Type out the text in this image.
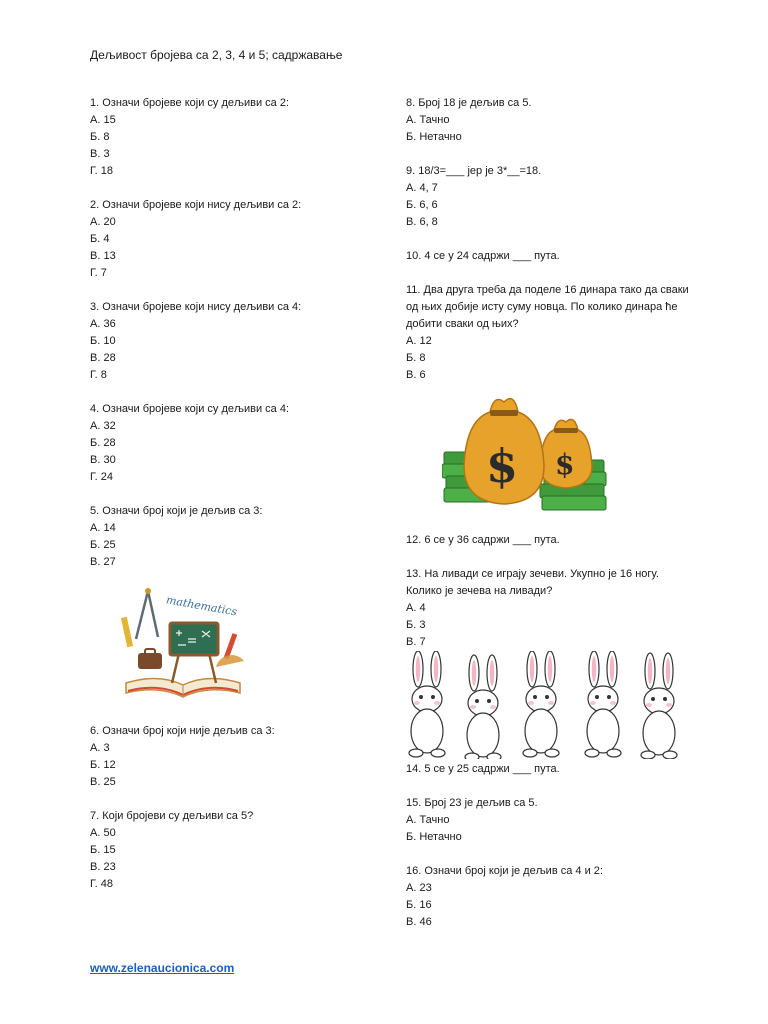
Дељивост бројева са 2, 3, 4 и 5; садржавање
1. Означи бројеве који су дељиви са 2:
А. 15
Б. 8
В. 3
Г. 18
2. Означи бројеве који нису дељиви са 2:
А. 20
Б. 4
В. 13
Г. 7
3. Означи бројеве који нису дељиви са 4:
А. 36
Б. 10
В. 28
Г. 8
4. Означи бројеве који су дељиви са 4:
А. 32
Б. 28
В. 30
Г. 24
5. Означи број који је дељив са 3:
А. 14
Б. 25
В. 27
mathematics
6. Означи број који није дељив са 3:
А. 3
Б. 12
В. 25
7. Који бројеви су дељиви са 5?
А. 50
Б. 15
В. 23
Г. 48
8. Број 18 је дељив са 5.
А. Тачно
Б. Нетачно
9. 18/3=___ јер је 3*__=18.
А. 4, 7
Б. 6, 6
В. 6, 8
10. 4 се у 24 садржи ___ пута.
11. Два друга треба да поделе 16 динара тако да сваки од њих добије исту суму новца. По колико динара ће добити сваки од њих?
А. 12
Б. 8
В. 6
$
$
12. 6 се у 36 садржи ___ пута.
13. На ливади се играју зечеви. Укупно је 16 ногу. Колико је зечева на ливади?
А. 4
Б. 3
В. 7
14. 5 се у 25 садржи ___ пута.
15. Број 23 је дељив са 5.
А. Тачно
Б. Нетачно
16. Означи број који је дељив са 4 и 2:
А. 23
Б. 16
В. 46
www.zelenaucionica.com
